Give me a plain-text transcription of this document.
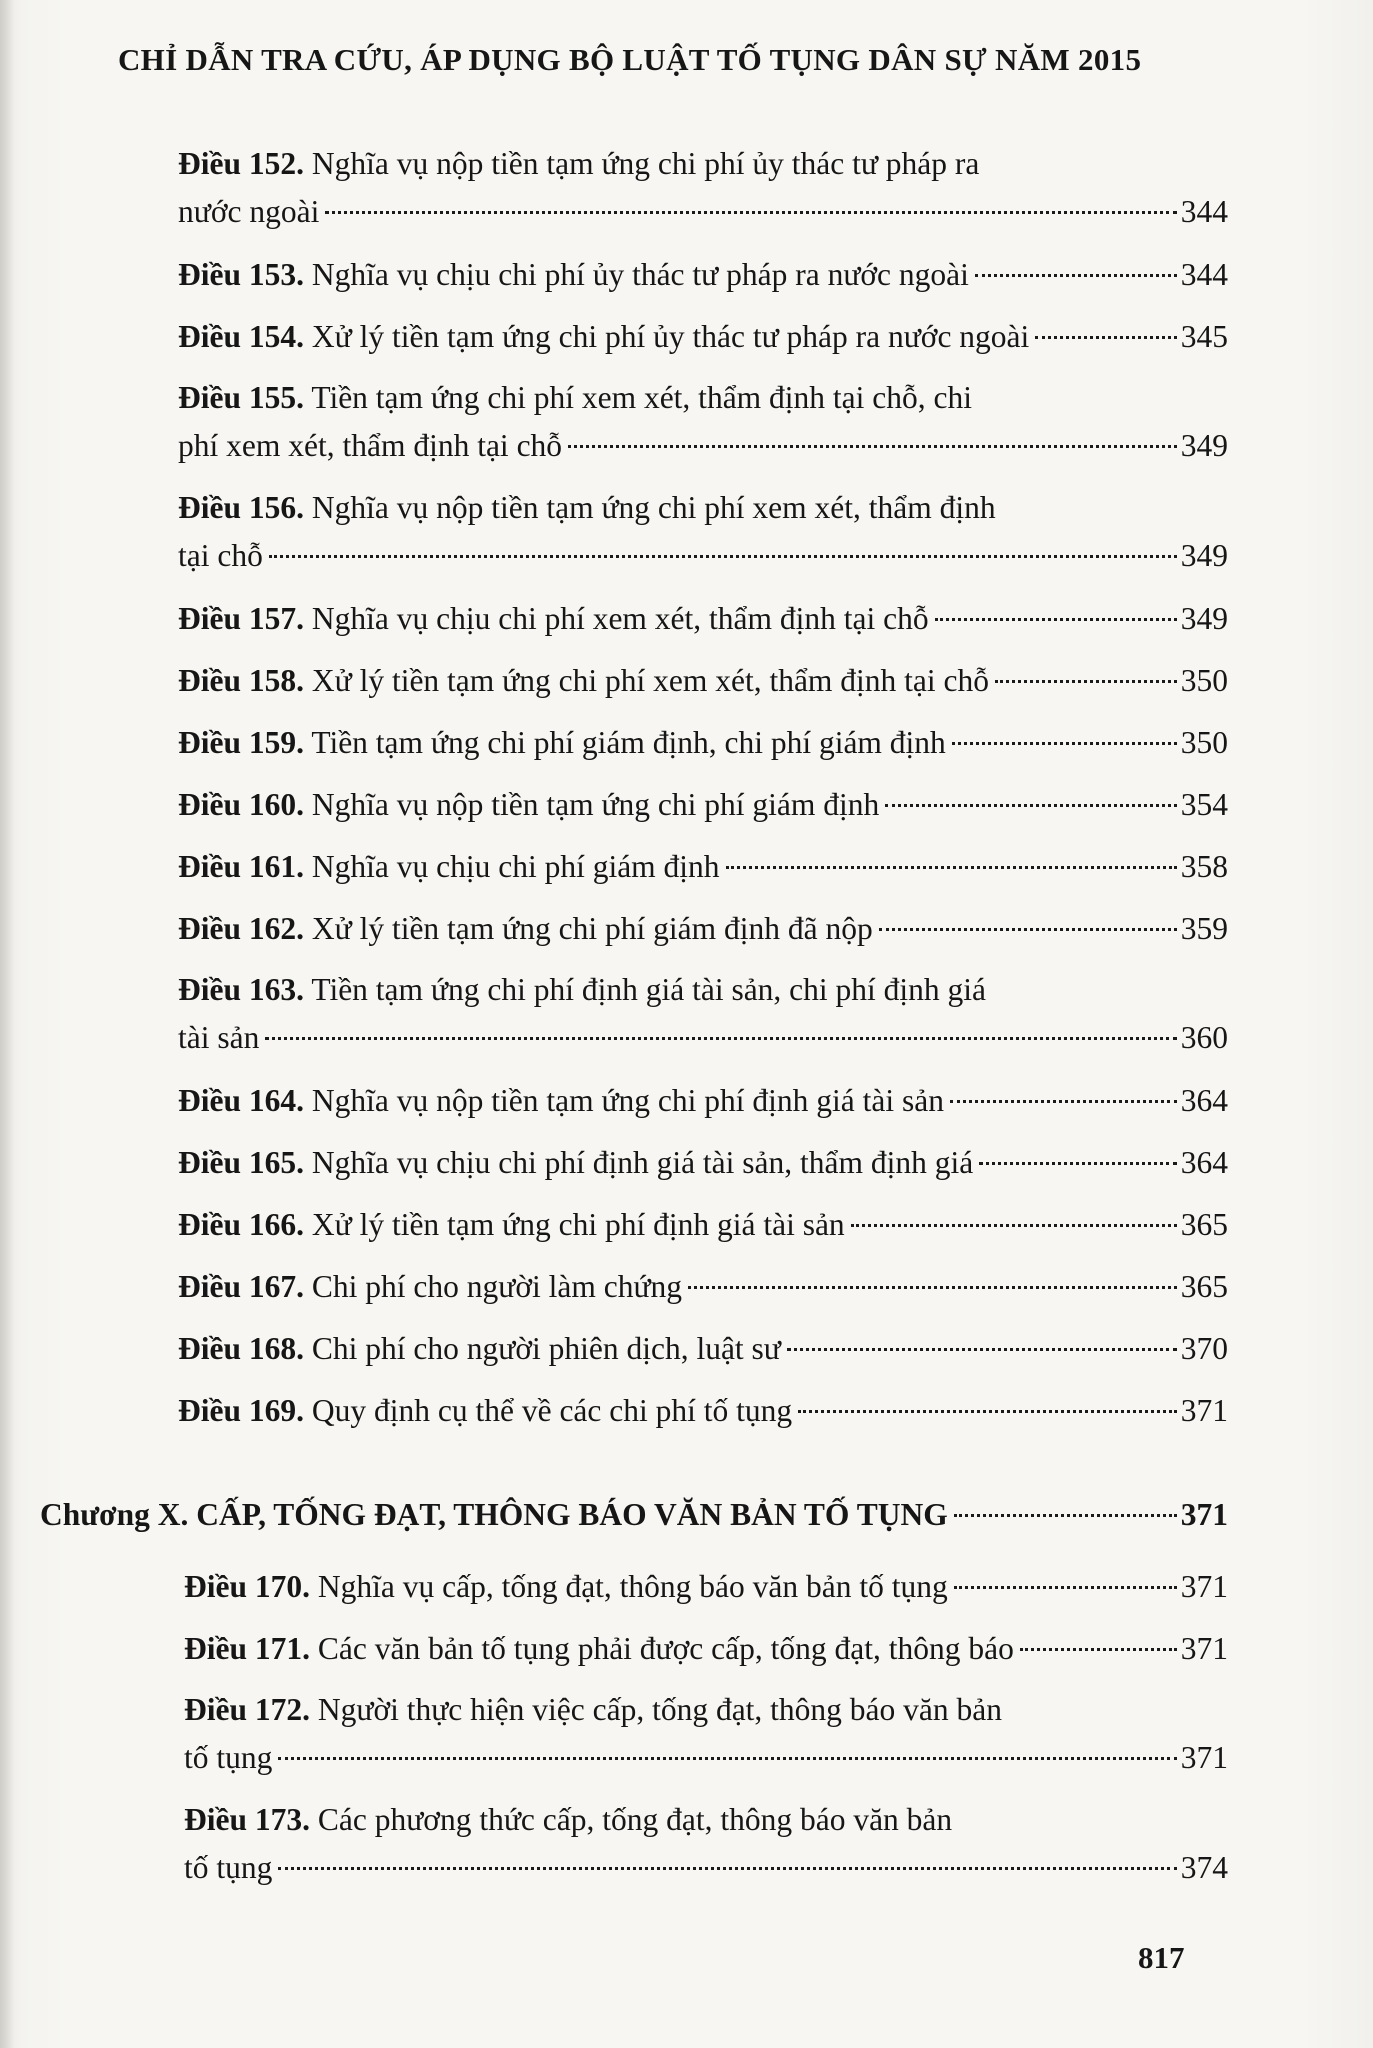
CHỈ DẪN TRA CỨU, ÁP DỤNG BỘ LUẬT TỐ TỤNG DÂN SỰ NĂM 2015
Điều 152. Nghĩa vụ nộp tiền tạm ứng chi phí ủy thác tư pháp ra
nước ngoài	344
Điều 153. Nghĩa vụ chịu chi phí ủy thác tư pháp ra nước ngoài	344
Điều 154. Xử lý tiền tạm ứng chi phí ủy thác tư pháp ra nước ngoài	345
Điều 155. Tiền tạm ứng chi phí xem xét, thẩm định tại chỗ, chi
phí xem xét, thẩm định tại chỗ	349
Điều 156. Nghĩa vụ nộp tiền tạm ứng chi phí xem xét, thẩm định
tại chỗ	349
Điều 157. Nghĩa vụ chịu chi phí xem xét, thẩm định tại chỗ	349
Điều 158. Xử lý tiền tạm ứng chi phí xem xét, thẩm định tại chỗ	350
Điều 159. Tiền tạm ứng chi phí giám định, chi phí giám định	350
Điều 160. Nghĩa vụ nộp tiền tạm ứng chi phí giám định	354
Điều 161. Nghĩa vụ chịu chi phí giám định	358
Điều 162. Xử lý tiền tạm ứng chi phí giám định đã nộp	359
Điều 163. Tiền tạm ứng chi phí định giá tài sản, chi phí định giá
tài sản	360
Điều 164. Nghĩa vụ nộp tiền tạm ứng chi phí định giá tài sản	364
Điều 165. Nghĩa vụ chịu chi phí định giá tài sản, thẩm định giá	364
Điều 166. Xử lý tiền tạm ứng chi phí định giá tài sản	365
Điều 167. Chi phí cho người làm chứng	365
Điều 168. Chi phí cho người phiên dịch, luật sư	370
Điều 169. Quy định cụ thể về các chi phí tố tụng	371
Chương X. CẤP, TỐNG ĐẠT, THÔNG BÁO VĂN BẢN TỐ TỤNG	371
Điều 170. Nghĩa vụ cấp, tống đạt, thông báo văn bản tố tụng	371
Điều 171. Các văn bản tố tụng phải được cấp, tống đạt, thông báo	371
Điều 172. Người thực hiện việc cấp, tống đạt, thông báo văn bản
tố tụng	371
Điều 173. Các phương thức cấp, tống đạt, thông báo văn bản
tố tụng	374
817
